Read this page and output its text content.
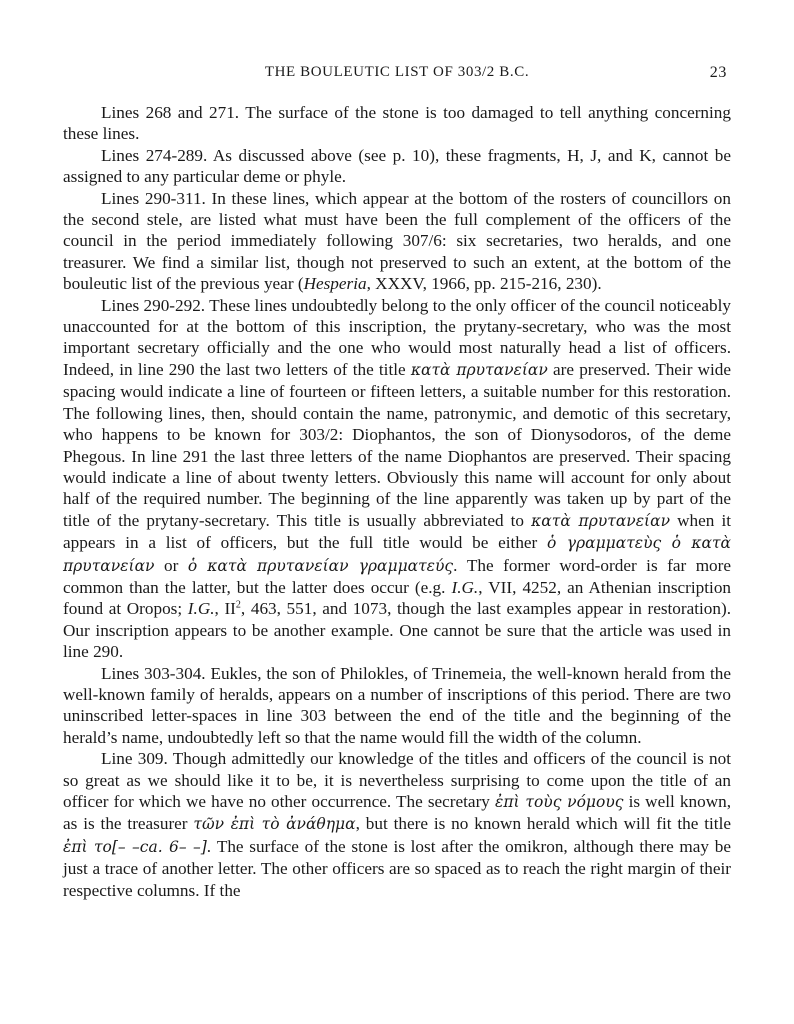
THE BOULEUTIC LIST OF 303/2 B.C.	23

Lines 268 and 271. The surface of the stone is too damaged to tell anything concerning these lines.

Lines 274-289. As discussed above (see p. 10), these fragments, H, J, and K, cannot be assigned to any particular deme or phyle.

Lines 290-311. In these lines, which appear at the bottom of the rosters of councillors on the second stele, are listed what must have been the full complement of the officers of the council in the period immediately following 307/6: six secretaries, two heralds, and one treasurer. We find a similar list, though not preserved to such an extent, at the bottom of the bouleutic list of the previous year (Hesperia, XXXV, 1966, pp. 215-216, 230).

Lines 290-292. These lines undoubtedly belong to the only officer of the council noticeably unaccounted for at the bottom of this inscription, the prytany-secretary, who was the most important secretary officially and the one who would most naturally head a list of officers. Indeed, in line 290 the last two letters of the title κατὰ πρυτανείαν are preserved. Their wide spacing would indicate a line of fourteen or fifteen letters, a suitable number for this restoration. The following lines, then, should contain the name, patronymic, and demotic of this secretary, who happens to be known for 303/2: Diophantos, the son of Dionysodoros, of the deme Phegous. In line 291 the last three letters of the name Diophantos are preserved. Their spacing would indicate a line of about twenty letters. Obviously this name will account for only about half of the required number. The beginning of the line apparently was taken up by part of the title of the prytany-secretary. This title is usually abbreviated to κατὰ πρυτανείαν when it appears in a list of officers, but the full title would be either ὁ γραμματεὺς ὁ κατὰ πρυτανείαν or ὁ κατὰ πρυτανείαν γραμματεύς. The former word-order is far more common than the latter, but the latter does occur (e.g. I.G., VII, 4252, an Athenian inscription found at Oropos; I.G., $II^2$, 463, 551, and 1073, though the last examples appear in restoration). Our inscription appears to be another example. One cannot be sure that the article was used in line 290.

Lines 303-304. Eukles, the son of Philokles, of Trinemeia, the well-known herald from the well-known family of heralds, appears on a number of inscriptions of this period. There are two uninscribed letter-spaces in line 303 between the end of the title and the beginning of the herald’s name, undoubtedly left so that the name would fill the width of the column.

Line 309. Though admittedly our knowledge of the titles and officers of the council is not so great as we should like it to be, it is nevertheless surprising to come upon the title of an officer for which we have no other occurrence. The secretary ἐπὶ τοὺς νόμους is well known, as is the treasurer τῶν ἐπὶ τὸ ἀνάθημα, but there is no known herald which will fit the title ἐπὶ το[– –ca. 6– –]. The surface of the stone is lost after the omikron, although there may be just a trace of another letter. The other officers are so spaced as to reach the right margin of their respective columns. If the
